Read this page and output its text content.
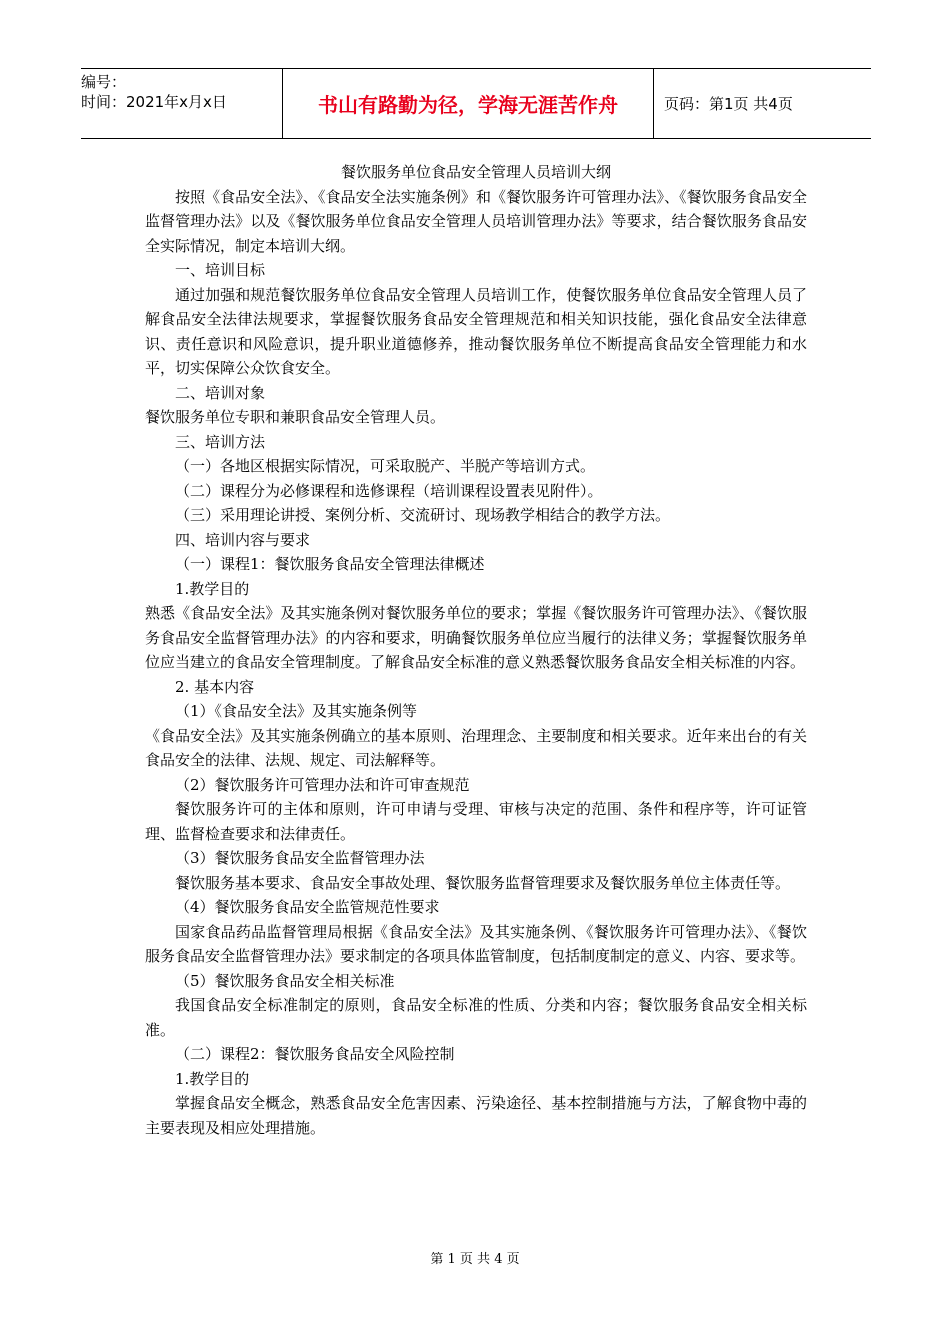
编号：
时间：2021年x月x日	书山有路勤为径，学海无涯苦作舟	页码：第1页 共4页
餐饮服务单位食品安全管理人员培训大纲

按照《食品安全法》、《食品安全法实施条例》和《餐饮服务许可管理办法》、《餐饮服务食品安全监督管理办法》以及《餐饮服务单位食品安全管理人员培训管理办法》等要求，结合餐饮服务食品安全实际情况，制定本培训大纲。

一、培训目标

通过加强和规范餐饮服务单位食品安全管理人员培训工作，使餐饮服务单位食品安全管理人员了解食品安全法律法规要求，掌握餐饮服务食品安全管理规范和相关知识技能，强化食品安全法律意识、责任意识和风险意识，提升职业道德修养，推动餐饮服务单位不断提高食品安全管理能力和水平，切实保障公众饮食安全。

二、培训对象

餐饮服务单位专职和兼职食品安全管理人员。

三、培训方法

（一）各地区根据实际情况，可采取脱产、半脱产等培训方式。

（二）课程分为必修课程和选修课程（培训课程设置表见附件）。

（三）采用理论讲授、案例分析、交流研讨、现场教学相结合的教学方法。

四、培训内容与要求

（一）课程1：餐饮服务食品安全管理法律概述

1.教学目的

熟悉《食品安全法》及其实施条例对餐饮服务单位的要求；掌握《餐饮服务许可管理办法》、《餐饮服务食品安全监督管理办法》的内容和要求，明确餐饮服务单位应当履行的法律义务；掌握餐饮服务单位应当建立的食品安全管理制度。了解食品安全标准的意义熟悉餐饮服务食品安全相关标准的内容。

2. 基本内容

（1）《食品安全法》及其实施条例等

《食品安全法》及其实施条例确立的基本原则、治理理念、主要制度和相关要求。近年来出台的有关食品安全的法律、法规、规定、司法解释等。

（2）餐饮服务许可管理办法和许可审查规范

餐饮服务许可的主体和原则，许可申请与受理、审核与决定的范围、条件和程序等，许可证管理、监督检查要求和法律责任。

（3）餐饮服务食品安全监督管理办法

餐饮服务基本要求、食品安全事故处理、餐饮服务监督管理要求及餐饮服务单位主体责任等。

（4）餐饮服务食品安全监管规范性要求

国家食品药品监督管理局根据《食品安全法》及其实施条例、《餐饮服务许可管理办法》、《餐饮服务食品安全监督管理办法》要求制定的各项具体监管制度，包括制度制定的意义、内容、要求等。

（5）餐饮服务食品安全相关标准

我国食品安全标准制定的原则，食品安全标准的性质、分类和内容；餐饮服务食品安全相关标准。

（二）课程2：餐饮服务食品安全风险控制

1.教学目的

掌握食品安全概念，熟悉食品安全危害因素、污染途径、基本控制措施与方法，了解食物中毒的主要表现及相应处理措施。

第 1 页 共 4 页
